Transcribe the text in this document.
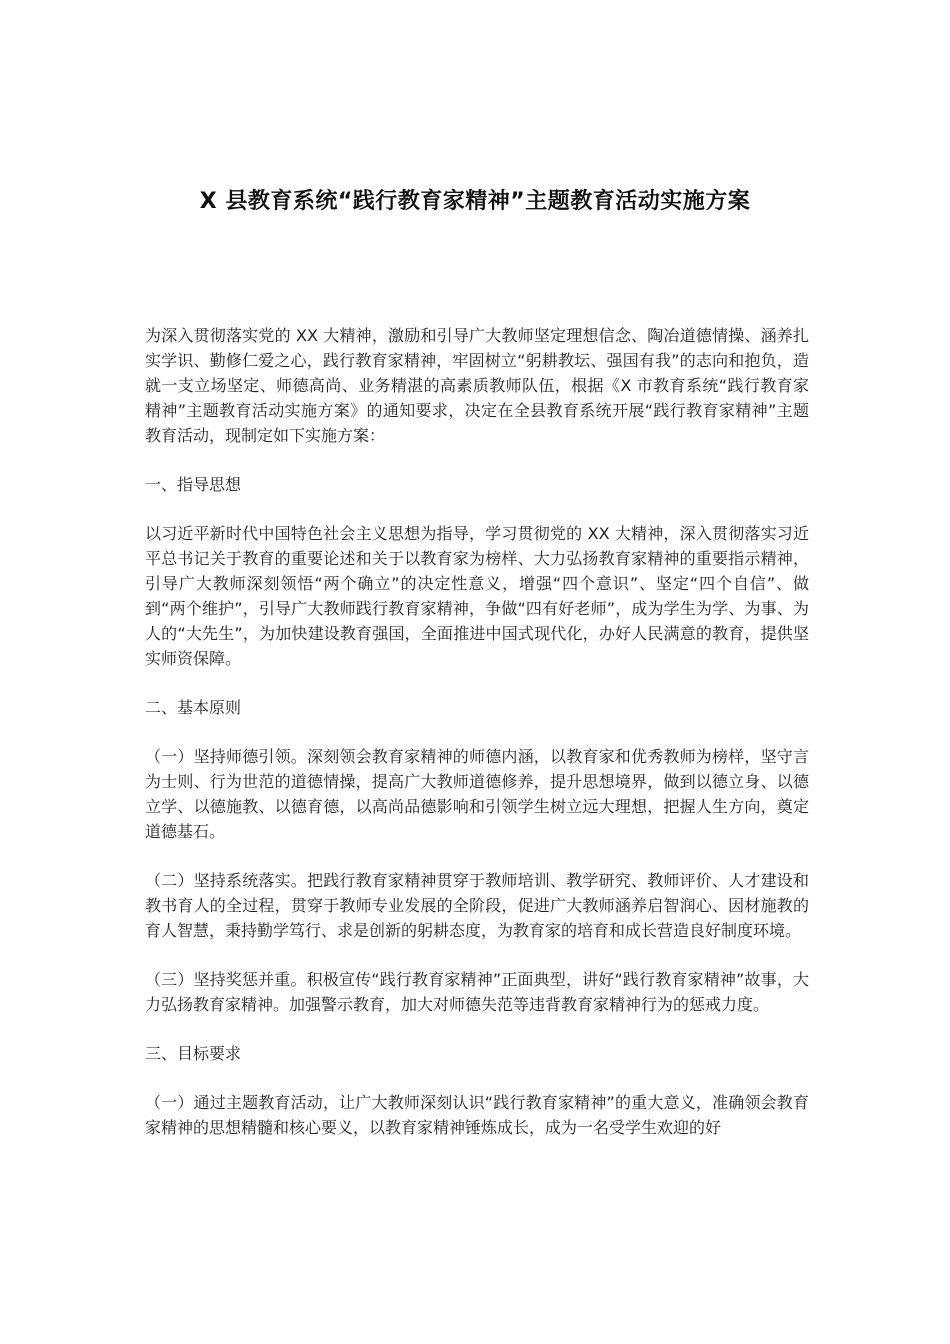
X 县教育系统“践行教育家精神”主题教育活动实施方案

为深入贯彻落实党的 XX 大精神，激励和引导广大教师坚定理想信念、陶冶道德情操、涵养扎实学识、勤修仁爱之心，践行教育家精神，牢固树立“躬耕教坛、强国有我”的志向和抱负，造就一支立场坚定、师德高尚、业务精湛的高素质教师队伍，根据《X 市教育系统“践行教育家精神”主题教育活动实施方案》的通知要求，决定在全县教育系统开展“践行教育家精神”主题教育活动，现制定如下实施方案：

一、指导思想

以习近平新时代中国特色社会主义思想为指导，学习贯彻党的 XX 大精神，深入贯彻落实习近平总书记关于教育的重要论述和关于以教育家为榜样、大力弘扬教育家精神的重要指示精神，引导广大教师深刻领悟“两个确立”的决定性意义，增强“四个意识”、坚定“四个自信”、做到“两个维护”，引导广大教师践行教育家精神，争做“四有好老师”，成为学生为学、为事、为人的“大先生”，为加快建设教育强国，全面推进中国式现代化，办好人民满意的教育，提供坚实师资保障。

二、基本原则

（一）坚持师德引领。深刻领会教育家精神的师德内涵，以教育家和优秀教师为榜样，坚守言为士则、行为世范的道德情操，提高广大教师道德修养，提升思想境界，做到以德立身、以德立学、以德施教、以德育德，以高尚品德影响和引领学生树立远大理想，把握人生方向，奠定道德基石。

（二）坚持系统落实。把践行教育家精神贯穿于教师培训、教学研究、教师评价、人才建设和教书育人的全过程，贯穿于教师专业发展的全阶段，促进广大教师涵养启智润心、因材施教的育人智慧，秉持勤学笃行、求是创新的躬耕态度，为教育家的培育和成长营造良好制度环境。

（三）坚持奖惩并重。积极宣传“践行教育家精神”正面典型，讲好“践行教育家精神”故事，大力弘扬教育家精神。加强警示教育，加大对师德失范等违背教育家精神行为的惩戒力度。

三、目标要求

（一）通过主题教育活动，让广大教师深刻认识“践行教育家精神”的重大意义，准确领会教育家精神的思想精髓和核心要义，以教育家精神锤炼成长，成为一名受学生欢迎的好
